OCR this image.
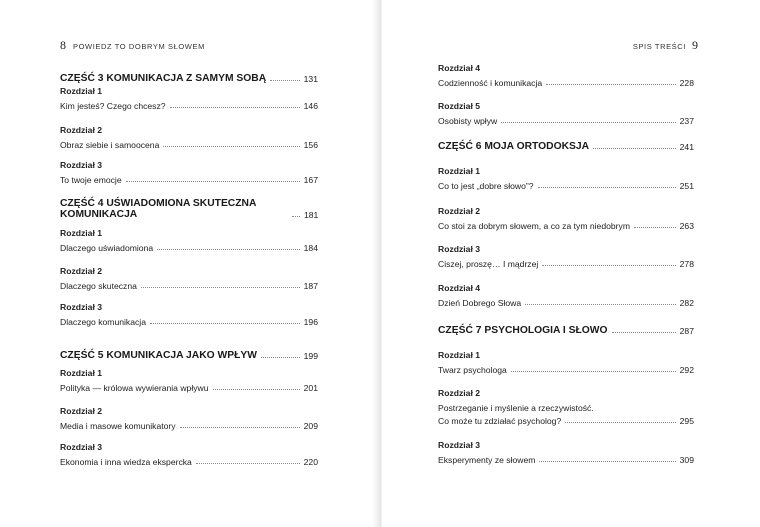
8 POWIEDZ TO DOBRYM SŁOWEM
CZĘŚĆ 3 KOMUNIKACJA Z SAMYM SOBĄ	131
Rozdział 1
Kim jesteś? Czego chcesz?	146
Rozdział 2
Obraz siebie i samoocena	156
Rozdział 3
To twoje emocje	167
CZĘŚĆ 4 UŚWIADOMIONA SKUTECZNA KOMUNIKACJA	181
Rozdział 1
Dlaczego uświadomiona	184
Rozdział 2
Dlaczego skuteczna	187
Rozdział 3
Dlaczego komunikacja	196
CZĘŚĆ 5 KOMUNIKACJA JAKO WPŁYW	199
Rozdział 1
Polityka — królowa wywierania wpływu	201
Rozdział 2
Media i masowe komunikatory	209
Rozdział 3
Ekonomia i inna wiedza ekspercka	220
SPIS TREŚCI 9
Rozdział 4
Codzienność i komunikacja	228
Rozdział 5
Osobisty wpływ	237
CZĘŚĆ 6 MOJA ORTODOKSJA	241
Rozdział 1
Co to jest „dobre słowo”?	251
Rozdział 2
Co stoi za dobrym słowem, a co za tym niedobrym	263
Rozdział 3
Ciszej, proszę… I mądrzej	278
Rozdział 4
Dzień Dobrego Słowa	282
CZĘŚĆ 7 PSYCHOLOGIA I SŁOWO	287
Rozdział 1
Twarz psychologa	292
Rozdział 2
Postrzeganie i myślenie a rzeczywistość.
Co może tu zdziałać psycholog?	295
Rozdział 3
Eksperymenty ze słowem	309
